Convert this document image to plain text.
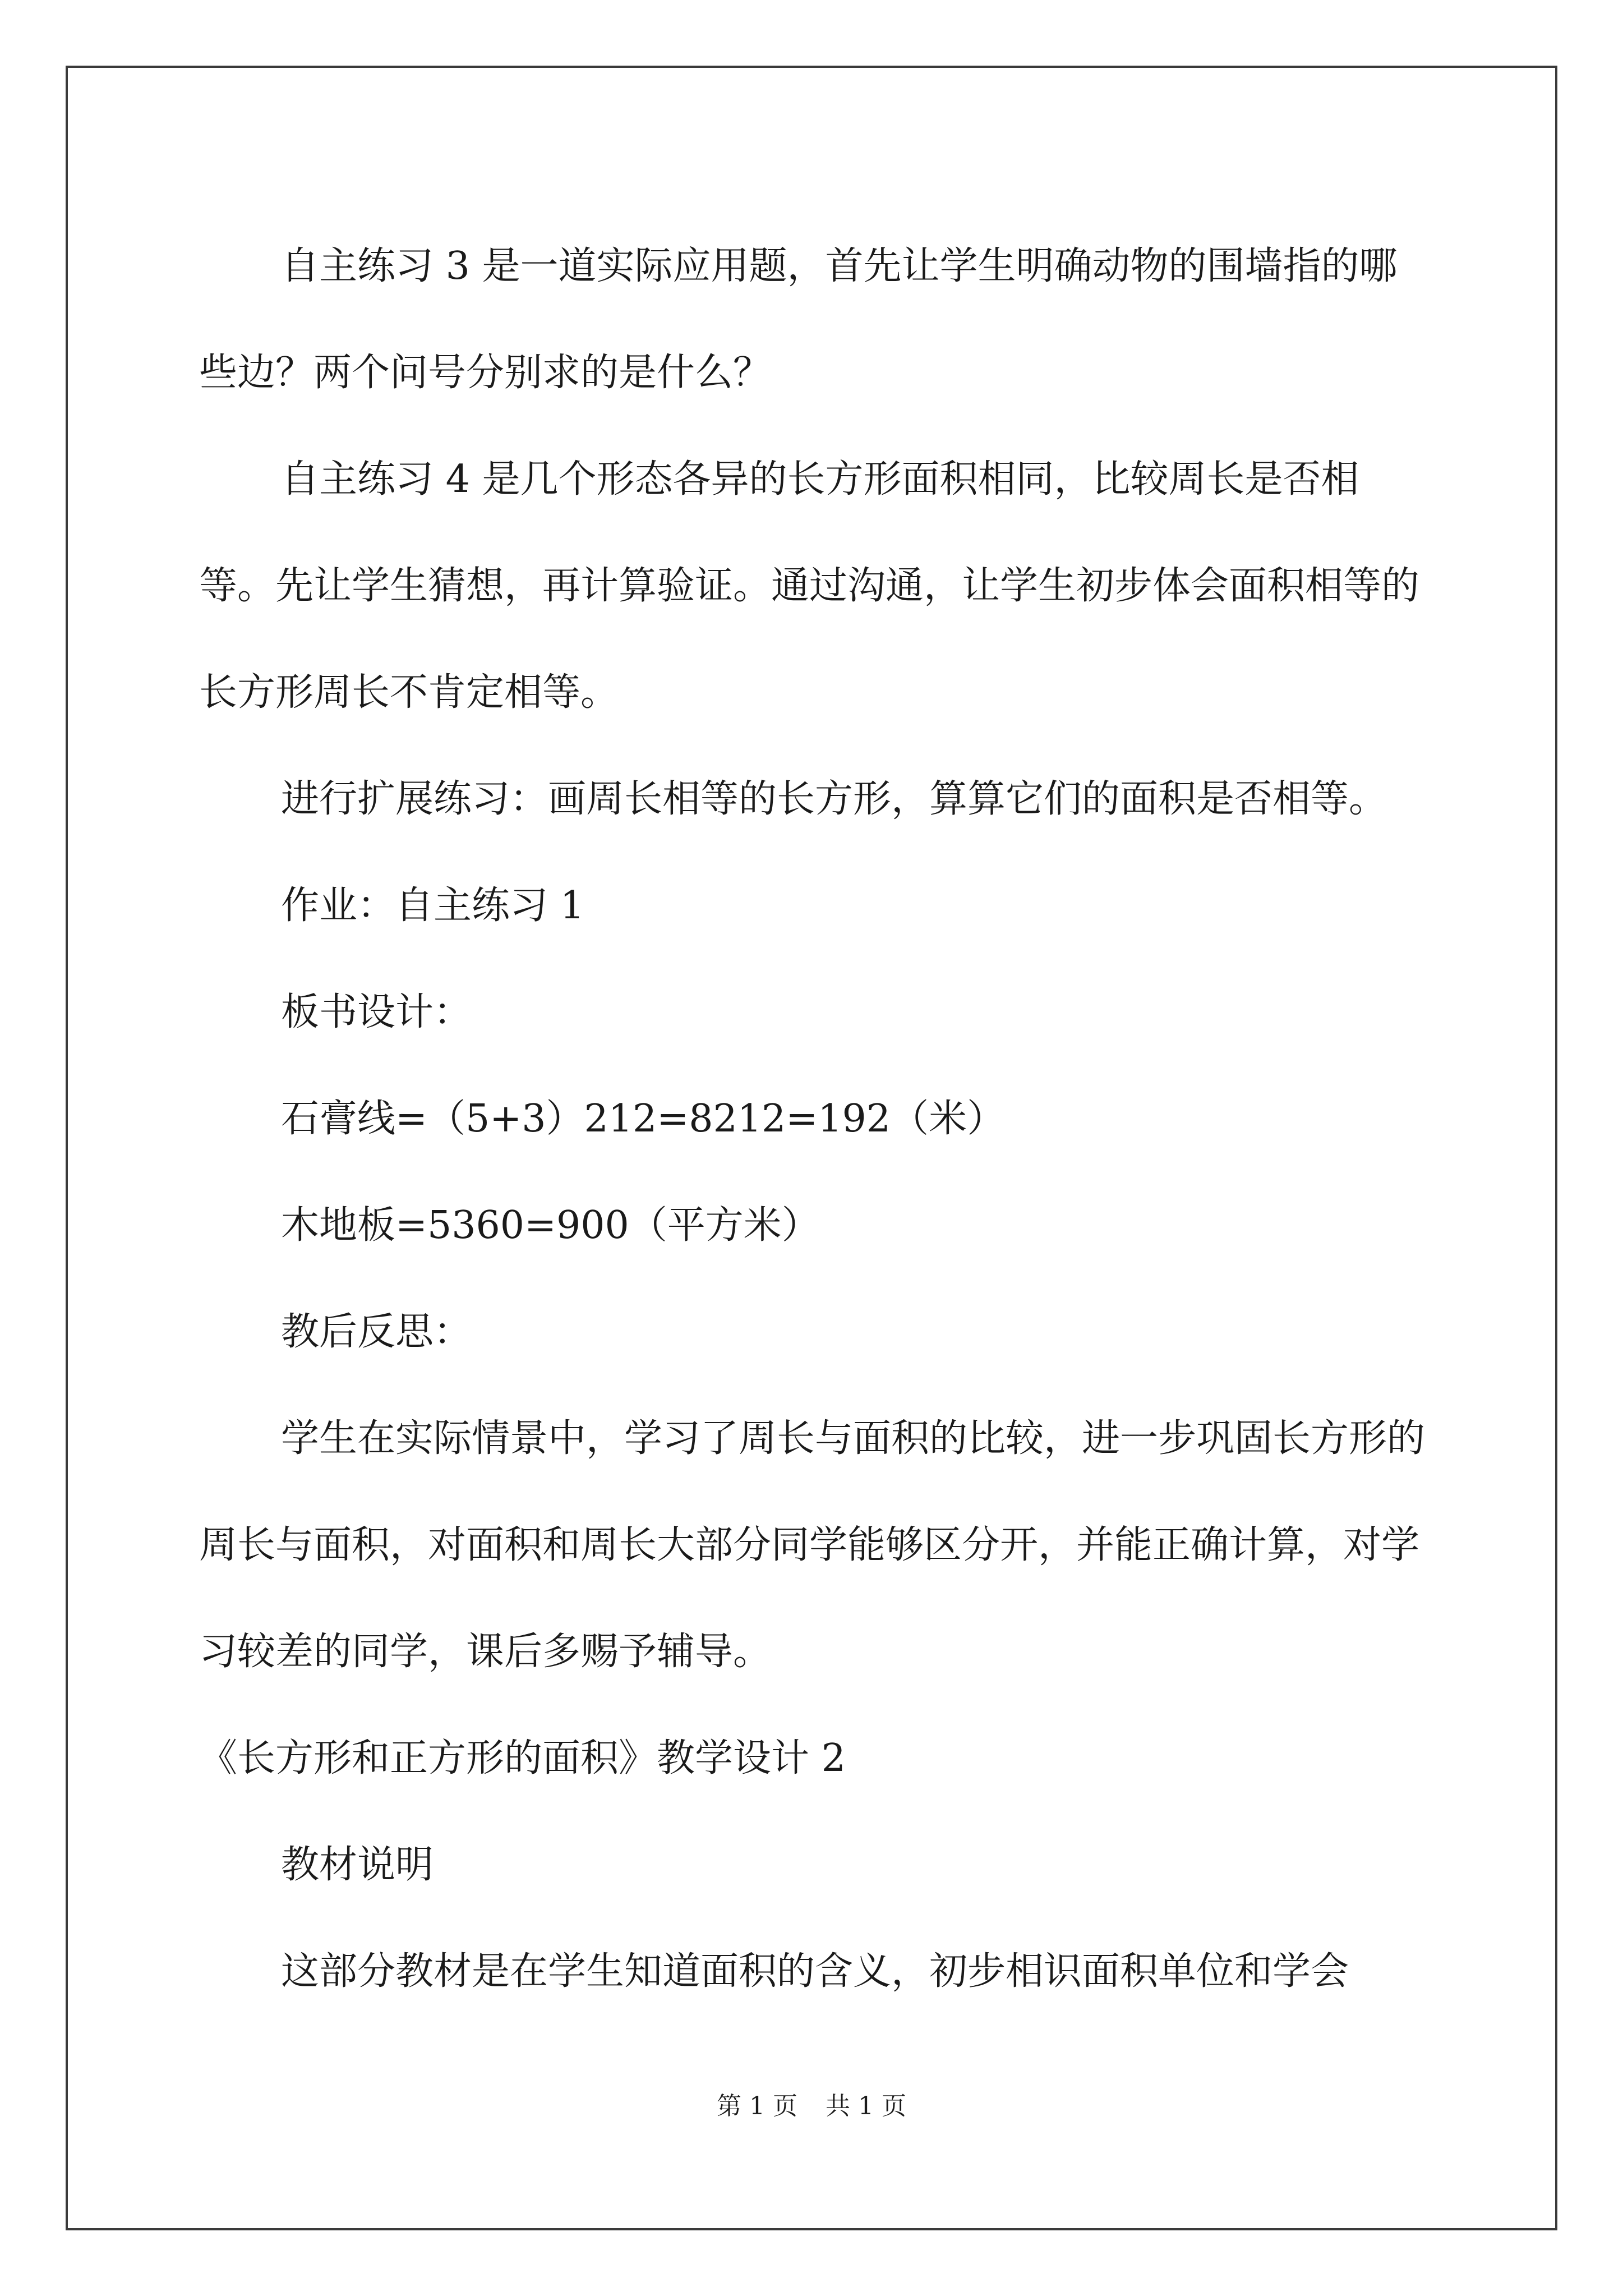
自主练习 3 是一道实际应用题，首先让学生明确动物的围墙指的哪些边？两个问号分别求的是什么？

自主练习 4 是几个形态各异的长方形面积相同，比较周长是否相等。先让学生猜想，再计算验证。通过沟通，让学生初步体会面积相等的长方形周长不肯定相等。

进行扩展练习：画周长相等的长方形，算算它们的面积是否相等。

作业：自主练习 1

板书设计：

石膏线=（5+3）212=8212=192（米）

木地板=5360=900（平方米）

教后反思：

学生在实际情景中，学习了周长与面积的比较，进一步巩固长方形的周长与面积，对面积和周长大部分同学能够区分开，并能正确计算，对学习较差的同学，课后多赐予辅导。

《长方形和正方形的面积》教学设计 2

教材说明

这部分教材是在学生知道面积的含义，初步相识面积单位和学会

第 1 页 共 1 页
